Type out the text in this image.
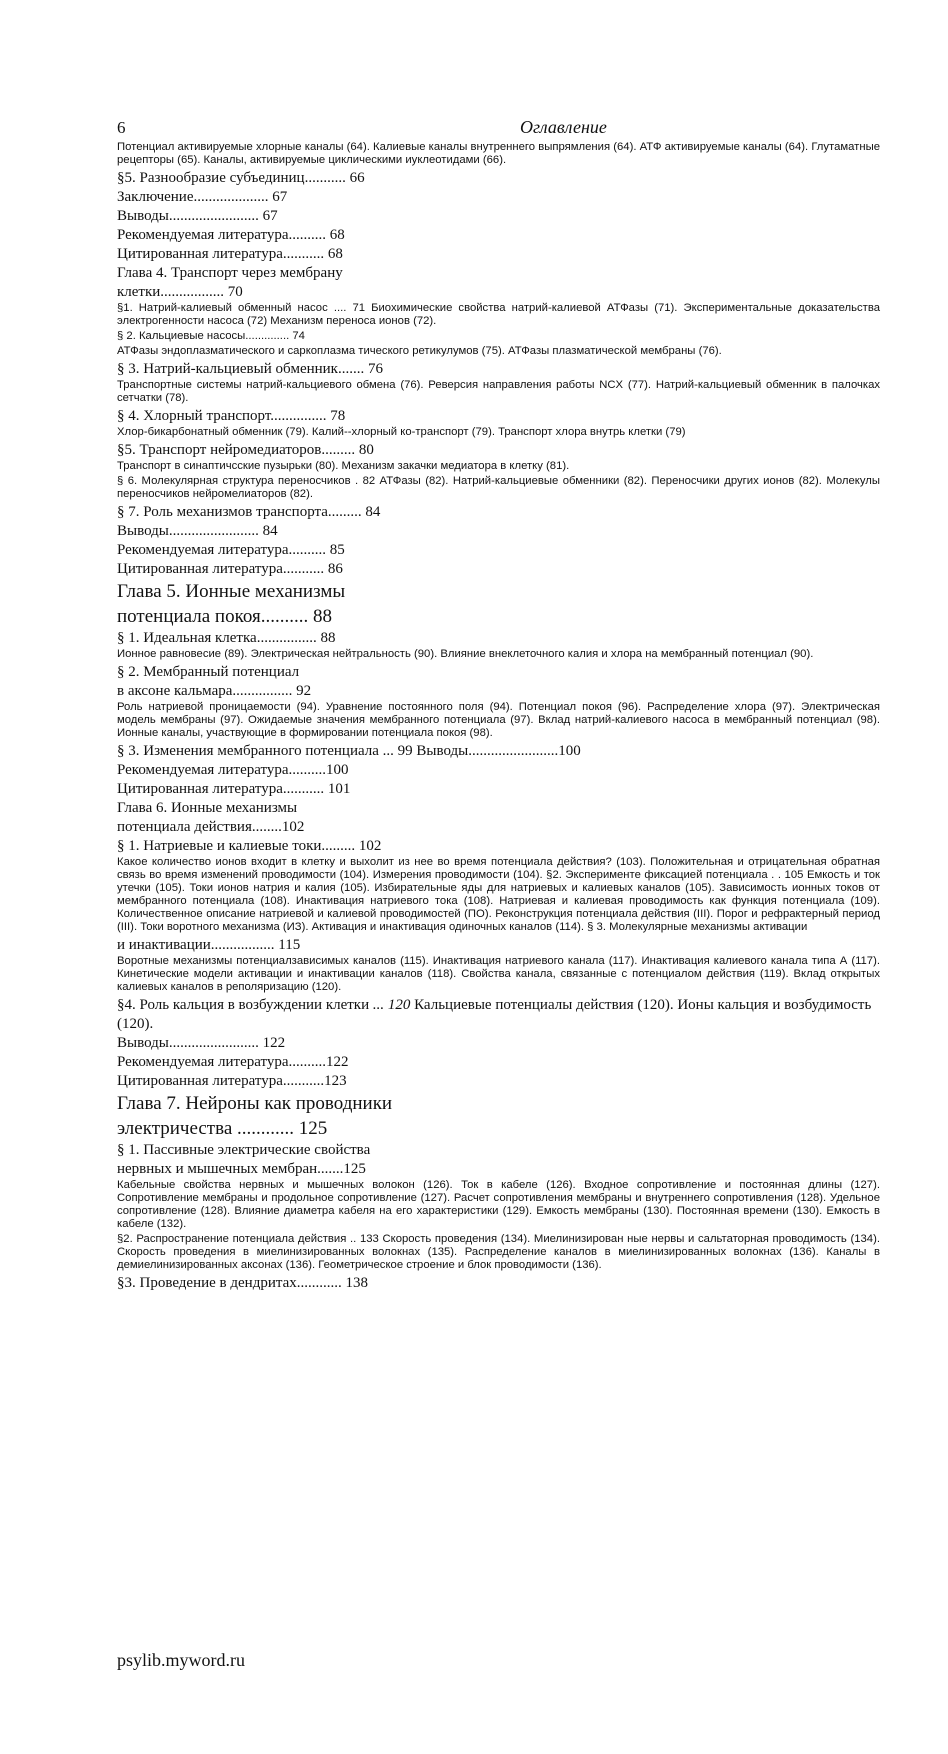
6	Оглавление

Потенциал активируемые хлорные каналы (64). Калиевые каналы внутреннего выпрямления (64). АТФ активируемые каналы (64). Глутаматные рецепторы (65). Каналы, активируемые циклическими иуклеотидами (66).

§5. Разнообразие субъединиц........... 66

Заключение.................... 67

Выводы........................ 67

Рекомендуемая литература.......... 68

Цитированная литература........... 68

Глава 4. Транспорт через мембрану

клетки................. 70

§1. Натрий-калиевый обменный насос .... 71 Биохимические свойства натрий-калиевой АТФазы (71). Экспериментальные доказательства электрогенности насоса (72) Механизм переноса ионов (72).

§ 2. Кальциевые насосы.............. 74

АТФазы эндоплазматического и саркоплазма тического ретикулумов (75). АТФазы плазматической мембраны (76).

§ 3. Натрий-кальциевый обменник....... 76

Транспортные системы натрий-кальциевого обмена (76). Реверсия направления работы NCX (77). Натрий-кальциевый обменник в палочках сетчатки (78).

§ 4. Хлорный транспорт............... 78

Хлор-бикарбонатный обменник (79). Калий--хлорный ко-транспорт (79). Транспорт хлора внутрь клетки (79)

§5. Транспорт нейромедиаторов......... 80

Транспорт в синаптичсские пузырьки (80). Механизм закачки медиатора в клетку (81).

§ 6. Молекулярная структура переносчиков . 82 АТФазы (82). Натрий-кальциевые обменники (82). Переносчики других ионов (82). Молекулы переносчиков нейромелиаторов (82).

§ 7. Роль механизмов транспорта......... 84

Выводы........................ 84

Рекомендуемая литература.......... 85

Цитированная литература........... 86

Глава 5. Ионные механизмы

потенциала покоя.......... 88

§ 1. Идеальная клетка................ 88

Ионное равновесие (89). Электрическая нейтральность (90). Влияние внеклеточного калия и хлора на мембранный потенциал (90).

§ 2. Мембранный потенциал

в аксоне кальмара................ 92

Роль натриевой проницаемости (94). Уравнение постоянного поля (94). Потенциал покоя (96). Распределение хлора (97). Электрическая модель мембраны (97). Ожидаемые значения мембранного потенциала (97). Вклад натрий-калиевого насоса в мембранный потенциал (98). Ионные каналы, участвующие в формировании потенциала покоя (98).

§ 3. Изменения мембранного потенциала ... 99 Выводы........................100

Рекомендуемая литература..........100

Цитированная литература........... 101

Глава 6. Ионные механизмы

потенциала действия........102

§ 1. Натриевые и калиевые токи......... 102

Какое количество ионов входит в клетку и выхолит из нее во время потенциала действия? (103). Положительная и отрицательная обратная связь во время изменений проводимости (104). Измерения проводимости (104). §2. Эксперименте фиксацией потенциала . . 105 Емкость и ток утечки (105). Токи ионов натрия и калия (105). Избирательные яды для натриевых и калиевых каналов (105). Зависимость ионных токов от мембранного потенциала (108). Инактивация натриевого тока (108). Натриевая и калиевая проводимость как функция потенциала (109). Количественное описание натриевой и калиевой проводимостей (ПО). Реконструкция потенциала действия (III). Порог и рефрактерный период (III). Токи воротного механизма (ИЗ). Активация и инактивация одиночных каналов (114). § 3. Молекулярные механизмы активации

и инактивации................. 115

Воротные механизмы потенциалзависимых каналов (115). Инактивация натриевого канала (117). Инактивация калиевого канала типа А (117). Кинетические модели активации и инактивации каналов (118). Свойства канала, связанные с потенциалом действия (119). Вклад открытых калиевых каналов в реполяризацию (120).

§4. Роль кальция в возбуждении клетки ... 120 Кальциевые потенциалы действия (120). Ионы кальция и возбудимость (120).

Выводы........................ 122

Рекомендуемая литература..........122

Цитированная литература...........123

Глава 7. Нейроны как проводники

электричества ............ 125

§ 1. Пассивные электрические свойства

нервных и мышечных мембран.......125

Кабельные свойства нервных и мышечных волокон (126). Ток в кабеле (126). Входное сопротивление и постоянная длины (127). Сопротивление мембраны и продольное сопротивление (127). Расчет сопротивления мембраны и внутреннего сопротивления (128). Удельное сопротивление (128). Влияние диаметра кабеля на его характеристики (129). Емкость мембраны (130). Постоянная времени (130). Емкость в кабеле (132).

§2. Распространение потенциала действия .. 133 Скорость проведения (134). Миелинизирован ные нервы и сальтаторная проводимость (134). Скорость проведения в миелинизированных волокнах (135). Распределение каналов в миелинизированных волокнах (136). Каналы в демиелинизированных аксонах (136). Геометрическое строение и блок проводимости (136).

§3. Проведение в дендритах............ 138

psylib.myword.ru
